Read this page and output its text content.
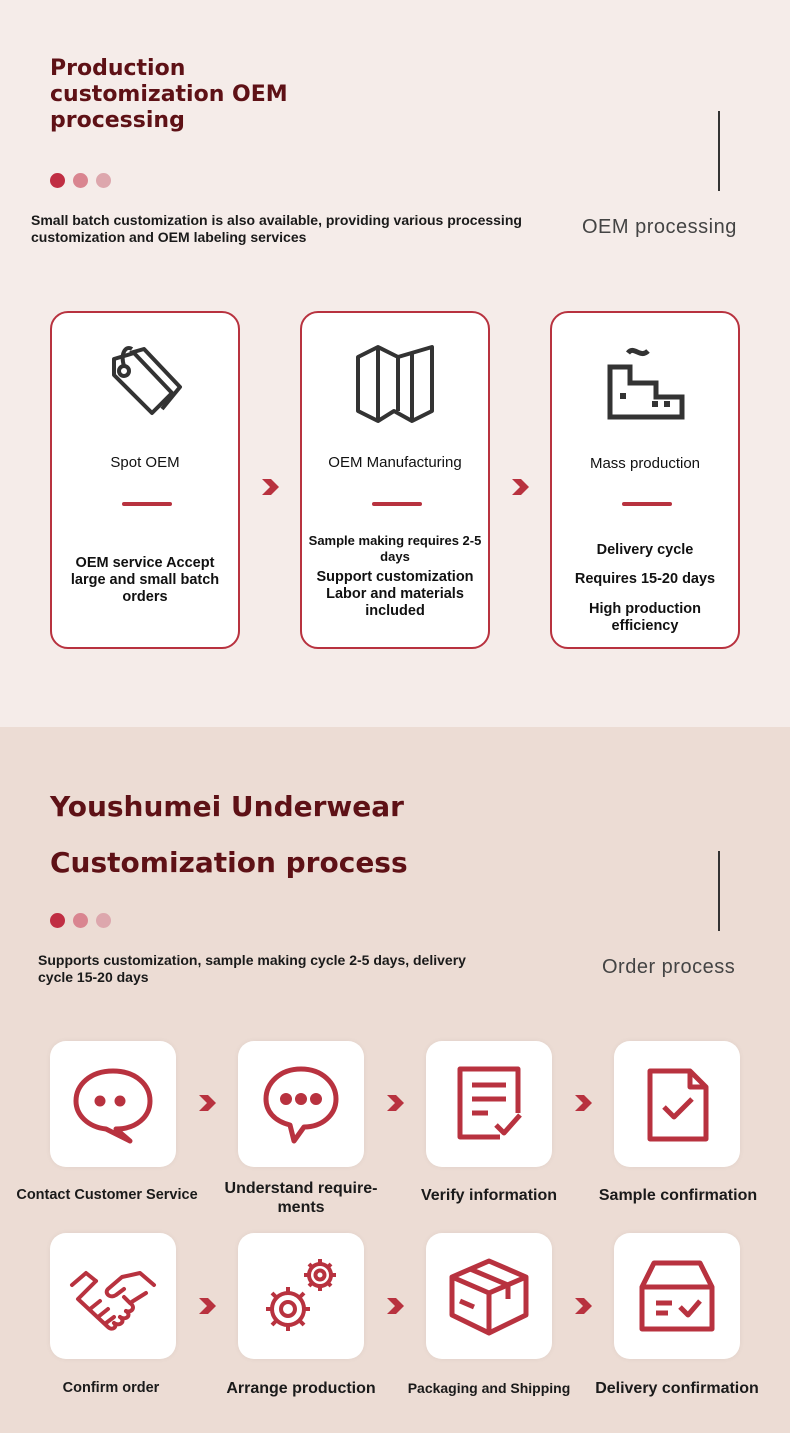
Production customization OEM processing
Small batch customization is also available, providing various processing customization and OEM labeling services	OEM processing
Spot OEM
OEM service Accept large and small batch orders
OEM Manufacturing
Sample making requires 2-5 days
Support customization Labor and materials included
Mass production
Delivery cycle
Requires 15-20 days
High production efficiency
Youshumei Underwear
Customization process
Supports customization, sample making cycle 2-5 days, delivery cycle 15-20 days	Order process
Contact Customer Service	Understand require- ments
Verify information	Sample confirmation
Confirm order	Arrange production	Packaging and Shipping	Delivery confirmation
